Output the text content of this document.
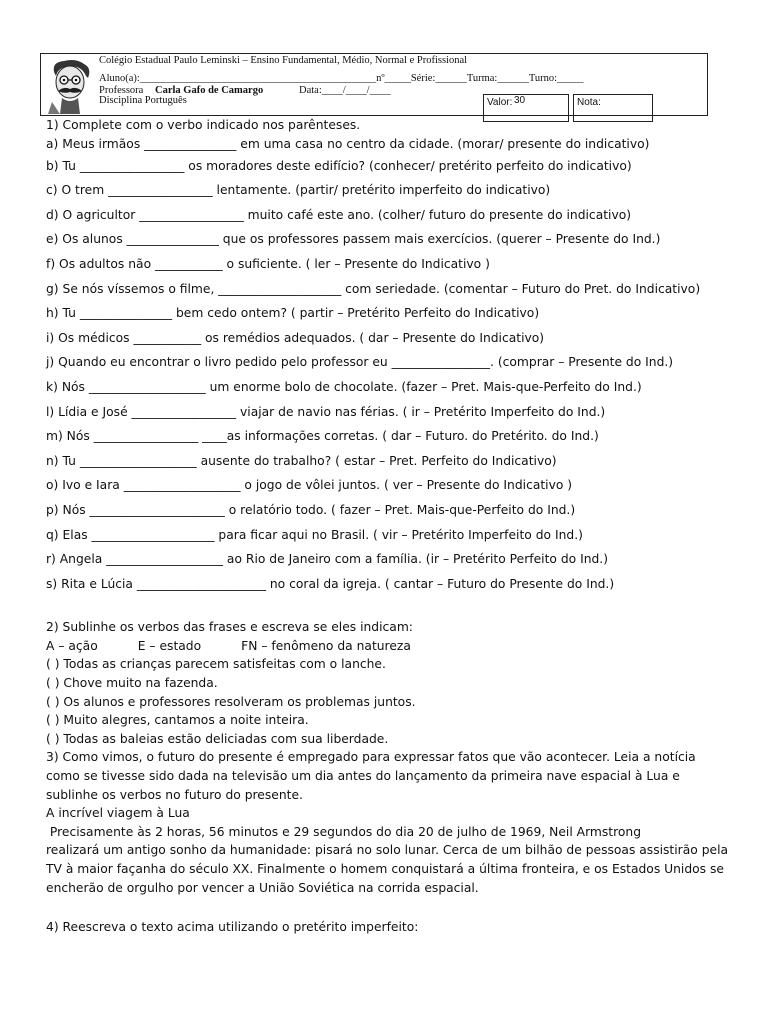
Colégio Estadual Paulo Leminski – Ensino Fundamental, Médio, Normal e Profissional
Aluno(a):_____________________________________________nº_____Série:______Turma:______Turno:_____
Professora Carla Gafo de Camargo	Data:____/____/____
Disciplina Português	Valor: 30	Nota:
1) Complete com o verbo indicado nos parênteses.
a) Meus irmãos _______________ em uma casa no centro da cidade. (morar/ presente do indicativo)
b) Tu _________________ os moradores deste edifício? (conhecer/ pretérito perfeito do indicativo)
c) O trem _________________ lentamente. (partir/ pretérito imperfeito do indicativo)
d) O agricultor _________________ muito café este ano. (colher/ futuro do presente do indicativo)
e) Os alunos _______________ que os professores passem mais exercícios. (querer – Presente do Ind.)
f) Os adultos não ___________ o suficiente. ( ler – Presente do Indicativo )
g) Se nós víssemos o filme, ____________________ com seriedade. (comentar – Futuro do Pret. do Indicativo)
h) Tu _______________ bem cedo ontem? ( partir – Pretérito Perfeito do Indicativo)
i) Os médicos ___________ os remédios adequados. ( dar – Presente do Indicativo)
j) Quando eu encontrar o livro pedido pelo professor eu ________________. (comprar – Presente do Ind.)
k) Nós ___________________ um enorme bolo de chocolate. (fazer – Pret. Mais-que-Perfeito do Ind.)
l) Lídia e José _________________ viajar de navio nas férias. ( ir – Pretérito Imperfeito do Ind.)
m) Nós _________________ ____as informações corretas. ( dar – Futuro. do Pretérito. do Ind.)
n) Tu ___________________ ausente do trabalho? ( estar – Pret. Perfeito do Indicativo)
o) Ivo e Iara ___________________ o jogo de vôlei juntos. ( ver – Presente do Indicativo )
p) Nós ______________________ o relatório todo. ( fazer – Pret. Mais-que-Perfeito do Ind.)
q) Elas ____________________ para ficar aqui no Brasil. ( vir – Pretérito Imperfeito do Ind.)
r) Angela ___________________ ao Rio de Janeiro com a família. (ir – Pretérito Perfeito do Ind.)
s) Rita e Lúcia _____________________ no coral da igreja. ( cantar – Futuro do Presente do Ind.)
2) Sublinhe os verbos das frases e escreva se eles indicam:
A – ação	E – estado	FN – fenômeno da natureza
( ) Todas as crianças parecem satisfeitas com o lanche.
( ) Chove muito na fazenda.
( ) Os alunos e professores resolveram os problemas juntos.
( ) Muito alegres, cantamos a noite inteira.
( ) Todas as baleias estão deliciadas com sua liberdade.
3) Como vimos, o futuro do presente é empregado para expressar fatos que vão acontecer. Leia a notícia
como se tivesse sido dada na televisão um dia antes do lançamento da primeira nave espacial à Lua e
sublinhe os verbos no futuro do presente.
A incrível viagem à Lua
Precisamente às 2 horas, 56 minutos e 29 segundos do dia 20 de julho de 1969, Neil Armstrong
realizará um antigo sonho da humanidade: pisará no solo lunar. Cerca de um bilhão de pessoas assistirão pela
TV à maior façanha do século XX. Finalmente o homem conquistará a última fronteira, e os Estados Unidos se
encherão de orgulho por vencer a União Soviética na corrida espacial.
4) Reescreva o texto acima utilizando o pretérito imperfeito:
